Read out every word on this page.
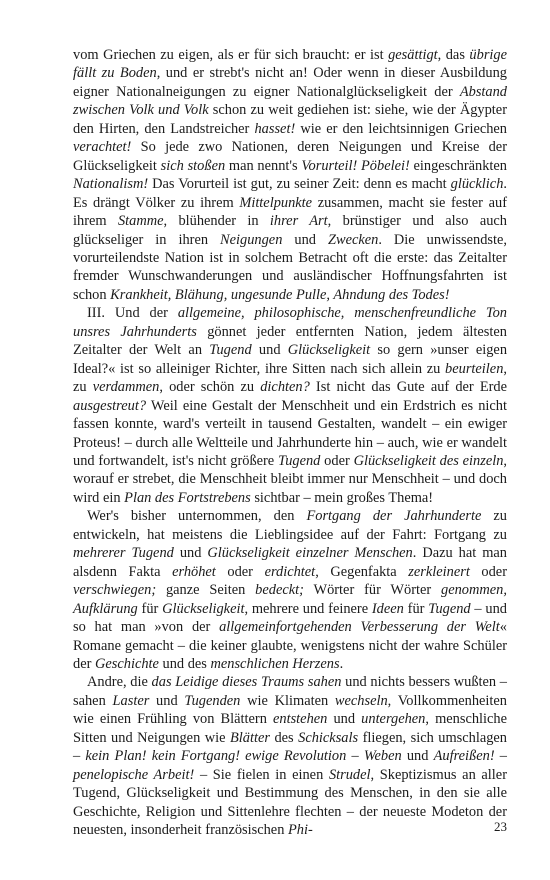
vom Griechen zu eigen, als er für sich braucht: er ist gesättigt, das übrige fällt zu Boden, und er strebt's nicht an! Oder wenn in dieser Ausbildung eigner Nationalneigungen zu eigner Nationalglückseligkeit der Abstand zwischen Volk und Volk schon zu weit gediehen ist: siehe, wie der Ägypter den Hirten, den Landstreicher hasset! wie er den leichtsinnigen Griechen verachtet! So jede zwo Nationen, deren Neigungen und Kreise der Glückseligkeit sich stoßen man nennt's Vorurteil! Pöbelei! eingeschränkten Nationalism! Das Vorurteil ist gut, zu seiner Zeit: denn es macht glücklich. Es drängt Völker zu ihrem Mittelpunkte zusammen, macht sie fester auf ihrem Stamme, blühender in ihrer Art, brünstiger und also auch glückseliger in ihren Neigungen und Zwecken. Die unwissendste, vorurteilendste Nation ist in solchem Betracht oft die erste: das Zeitalter fremder Wunschwanderungen und ausländischer Hoffnungsfahrten ist schon Krankheit, Blähung, ungesunde Pulle, Ahndung des Todes!

III. Und der allgemeine, philosophische, menschenfreundliche Ton unsres Jahrhunderts gönnet jeder entfernten Nation, jedem ältesten Zeitalter der Welt an Tugend und Glückseligkeit so gern »unser eigen Ideal?« ist so alleiniger Richter, ihre Sitten nach sich allein zu beurteilen, zu verdammen, oder schön zu dichten? Ist nicht das Gute auf der Erde ausgestreut? Weil eine Gestalt der Menschheit und ein Erdstrich es nicht fassen konnte, ward's verteilt in tausend Gestalten, wandelt – ein ewiger Proteus! – durch alle Weltteile und Jahrhunderte hin – auch, wie er wandelt und fortwandelt, ist's nicht größere Tugend oder Glückseligkeit des einzeln, worauf er strebet, die Menschheit bleibt immer nur Menschheit – und doch wird ein Plan des Fortstrebens sichtbar – mein großes Thema!

Wer's bisher unternommen, den Fortgang der Jahrhunderte zu entwickeln, hat meistens die Lieblingsidee auf der Fahrt: Fortgang zu mehrerer Tugend und Glückseligkeit einzelner Menschen. Dazu hat man alsdenn Fakta erhöhet oder erdichtet, Gegenfakta zerkleinert oder verschwiegen; ganze Seiten bedeckt; Wörter für Wörter genommen, Aufklärung für Glückseligkeit, mehrere und feinere Ideen für Tugend – und so hat man »von der allgemeinfortgehenden Verbesserung der Welt« Romane gemacht – die keiner glaubte, wenigstens nicht der wahre Schüler der Geschichte und des menschlichen Herzens.

Andre, die das Leidige dieses Traums sahen und nichts bessers wußten – sahen Laster und Tugenden wie Klimaten wechseln, Vollkommenheiten wie einen Frühling von Blättern entstehen und untergehen, menschliche Sitten und Neigungen wie Blätter des Schicksals fliegen, sich umschlagen – kein Plan! kein Fortgang! ewige Revolution – Weben und Aufreißen! – penelopische Arbeit! – Sie fielen in einen Strudel, Skeptizismus an aller Tugend, Glückseligkeit und Bestimmung des Menschen, in den sie alle Geschichte, Religion und Sittenlehre flechten – der neueste Modeton der neuesten, insonderheit französischen Phi-	23
